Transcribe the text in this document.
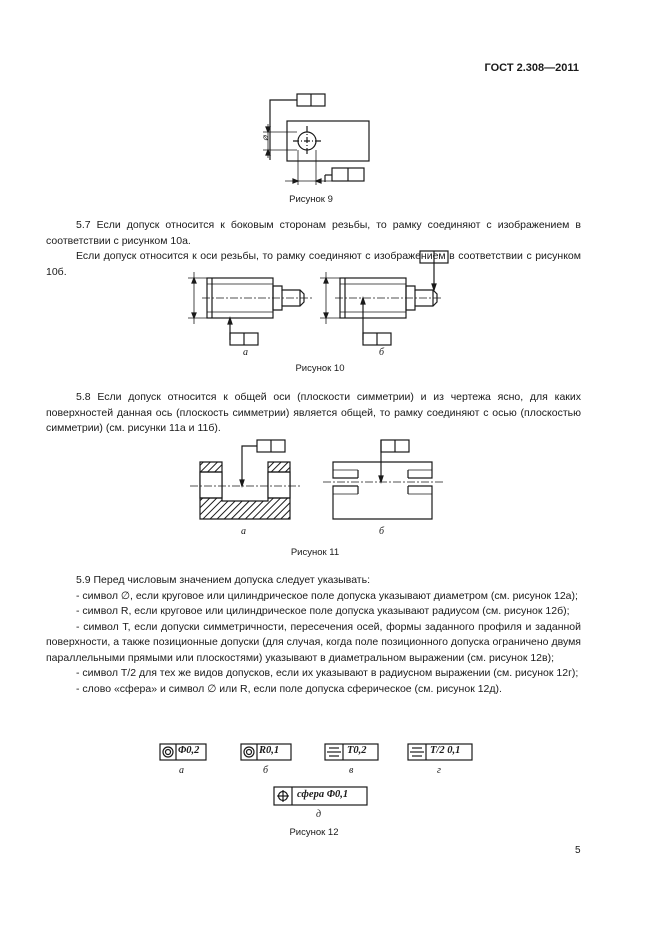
ГОСТ 2.308—2011
⌀
Рисунок 9

5.7 Если допуск относится к боковым сторонам резьбы, то рамку соединяют с изображением в соответствии с рисунком 10а.

Если допуск относится к оси резьбы, то рамку соединяют с изображением в соответствии с рисунком 10б.

а	б
Рисунок 10

5.8 Если допуск относится к общей оси (плоскости симметрии) и из чертежа ясно, для каких поверхностей данная ось (плоскость симметрии) является общей, то рамку соединяют с осью (плоскостью симметрии) (см. рисунки 11а и 11б).

а	б
Рисунок 11

5.9 Перед числовым значением допуска следует указывать:

- символ ∅, если круговое или цилиндрическое поле допуска указывают диаметром (см. рисунок 12а);

- символ R, если круговое или цилиндрическое поле допуска указывают радиусом (см. рисунок 12б);

- символ T, если допуски симметричности, пересечения осей, формы заданного профиля и заданной поверхности, а также позиционные допуски (для случая, когда поле позиционного допуска ограничено двумя параллельными прямыми или плоскостями) указывают в диаметральном выражении (см. рисунок 12в);

- символ T/2 для тех же видов допусков, если их указывают в радиусном выражении (см. рисунок 12г);

- слово «сфера» и символ ∅ или R, если поле допуска сферическое (см. рисунок 12д).

Φ0,2
а
R0,1
б
T0,2
в
T/2 0,1
г
сфера Φ0,1
д
Рисунок 12
5
